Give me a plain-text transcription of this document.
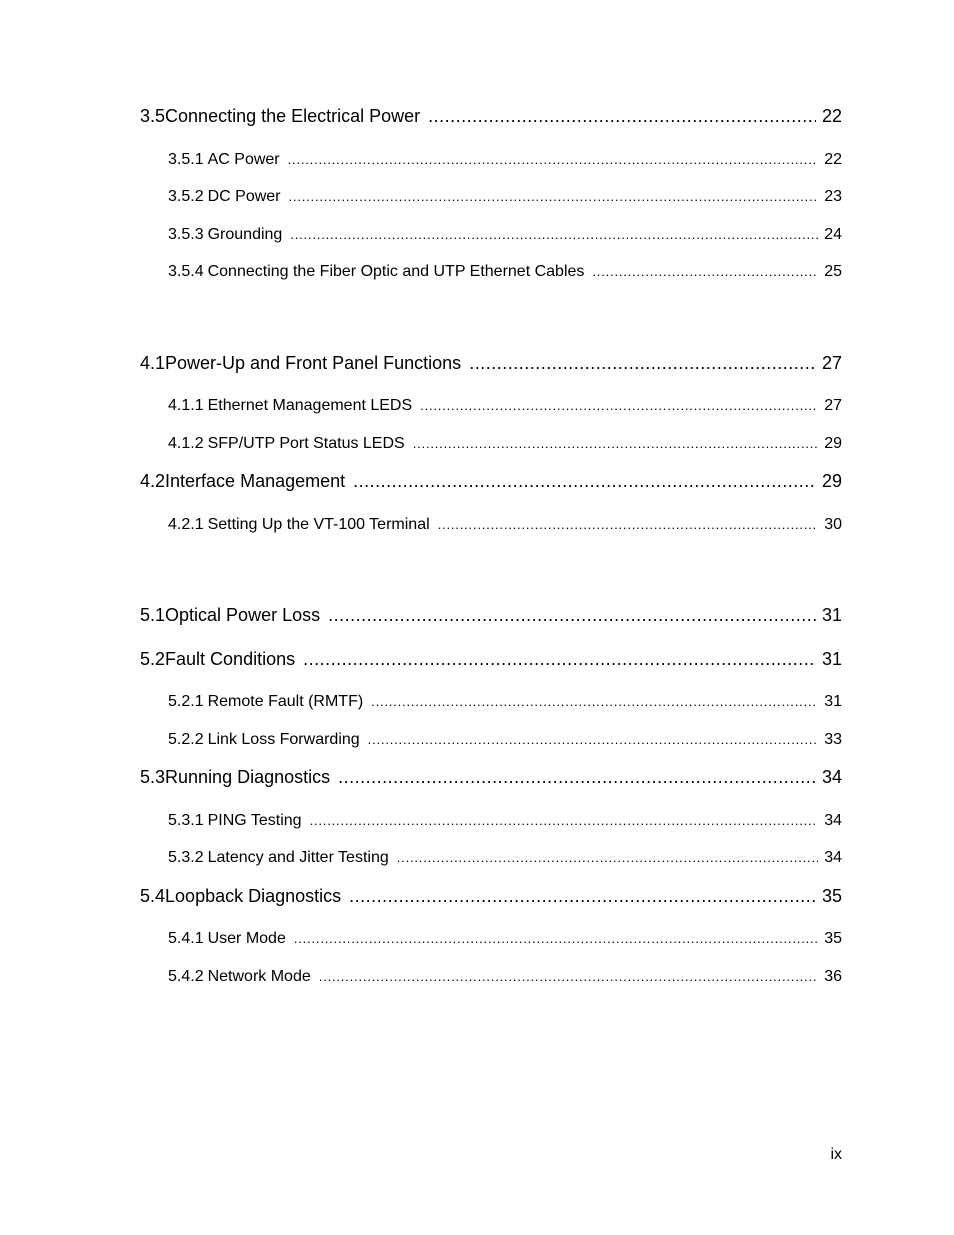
3.5 Connecting the Electrical Power .....	22
3.5.1 AC Power .....	22
3.5.2 DC Power .....	23
3.5.3 Grounding .....	24
3.5.4 Connecting the Fiber Optic and UTP Ethernet Cables .....	25
4.1 Power-Up and Front Panel Functions .....	27
4.1.1 Ethernet Management LEDS .....	27
4.1.2 SFP/UTP Port Status LEDS .....	29
4.2 Interface Management .....	29
4.2.1 Setting Up the VT-100 Terminal .....	30
5.1 Optical Power Loss .....	31
5.2 Fault Conditions .....	31
5.2.1 Remote Fault (RMTF) .....	31
5.2.2 Link Loss Forwarding .....	33
5.3 Running Diagnostics .....	34
5.3.1 PING Testing .....	34
5.3.2 Latency and Jitter Testing .....	34
5.4 Loopback Diagnostics .....	35
5.4.1 User Mode .....	35
5.4.2 Network Mode .....	36
ix
